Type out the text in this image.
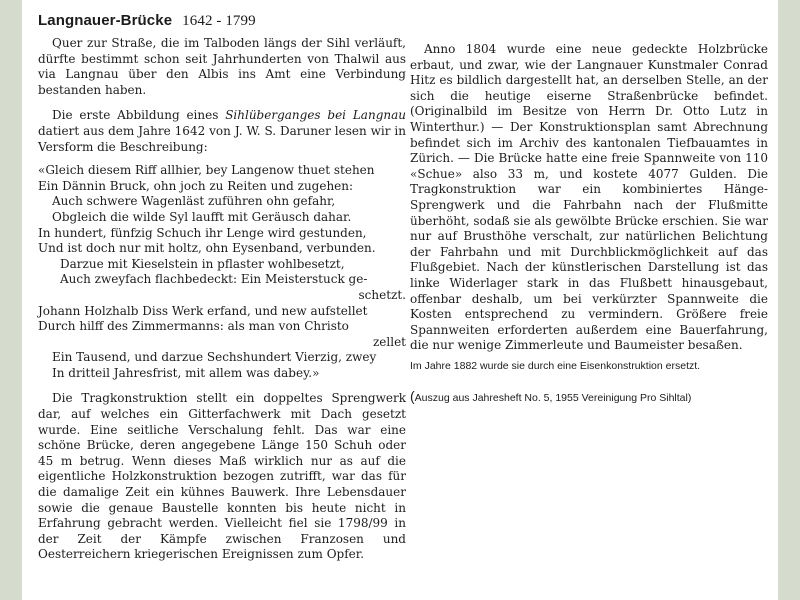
Langnauer-Brücke 1642 - 1799

Quer zur Straße, die im Talboden längs der Sihl verläuft, dürfte bestimmt schon seit Jahrhunderten von Thalwil aus via Langnau über den Albis ins Amt eine Verbindung bestanden haben.

Die erste Abbildung eines Sihlüberganges bei Langnau datiert aus dem Jahre 1642 von J. W. S. Daruner lesen wir in Versform die Beschreibung:

«Gleich diesem Riff allhier, bey Langenow thuet stehen
Ein Dännin Bruck, ohn joch zu Reiten und zugehen:
Auch schwere Wagenläst zuführen ohn gefahr,
Obgleich die wilde Syl laufft mit Geräusch dahar.
In hundert, fünfzig Schuch ihr Lenge wird gestunden,
Und ist doch nur mit holtz, ohn Eysenband, verbunden.
Darzue mit Kieselstein in pflaster wohlbesetzt,
Auch zweyfach flachbedeckt: Ein Meisterstuck ge-
schetzt.
Johann Holzhalb Diss Werk erfand, und new aufstellet
Durch hilff des Zimmermanns: als man von Christo
zellet
Ein Tausend, und darzue Sechshundert Vierzig, zwey
In dritteil Jahresfrist, mit allem was dabey.»

Die Tragkonstruktion stellt ein doppeltes Sprengwerk dar, auf welches ein Gitterfachwerk mit Dach gesetzt wurde. Eine seitliche Verschalung fehlt. Das war eine schöne Brücke, deren angegebene Länge 150 Schuh oder 45 m betrug. Wenn dieses Maß wirklich nur as auf die eigentliche Holzkonstruktion bezogen zutrifft, war das für die damalige Zeit ein kühnes Bauwerk. Ihre Lebensdauer sowie die genaue Baustelle konnten bis heute nicht in Erfahrung gebracht werden. Vielleicht fiel sie 1798/99 in der Zeit der Kämpfe zwischen Franzosen und Oesterreichern kriegerischen Ereignissen zum Opfer.

Anno 1804 wurde eine neue gedeckte Holzbrücke erbaut, und zwar, wie der Langnauer Kunstmaler Conrad Hitz es bildlich dargestellt hat, an derselben Stelle, an der sich die heutige eiserne Straßenbrücke befindet. (Originalbild im Besitze von Herrn Dr. Otto Lutz in Winterthur.) — Der Konstruktionsplan samt Abrechnung befindet sich im Archiv des kantonalen Tiefbauamtes in Zürich. — Die Brücke hatte eine freie Spannweite von 110 «Schue» also 33 m, und kostete 4077 Gulden. Die Tragkonstruktion war ein kombiniertes Hänge-Sprengwerk und die Fahrbahn nach der Flußmitte überhöht, sodaß sie als gewölbte Brücke erschien. Sie war nur auf Brusthöhe verschalt, zur natürlichen Belichtung der Fahrbahn und mit Durchblickmöglichkeit auf das Flußgebiet. Nach der künstlerischen Darstellung ist das linke Widerlager stark in das Flußbett hinausgebaut, offenbar deshalb, um bei verkürzter Spannweite die Kosten entsprechend zu vermindern. Größere freie Spannweiten erforderten außerdem eine Bauerfahrung, die nur wenige Zimmerleute und Baumeister besaßen.

Im Jahre 1882 wurde sie durch eine Eisenkonstruktion ersetzt.
(Auszug aus Jahresheft No. 5, 1955 Vereinigung Pro Sihltal)
